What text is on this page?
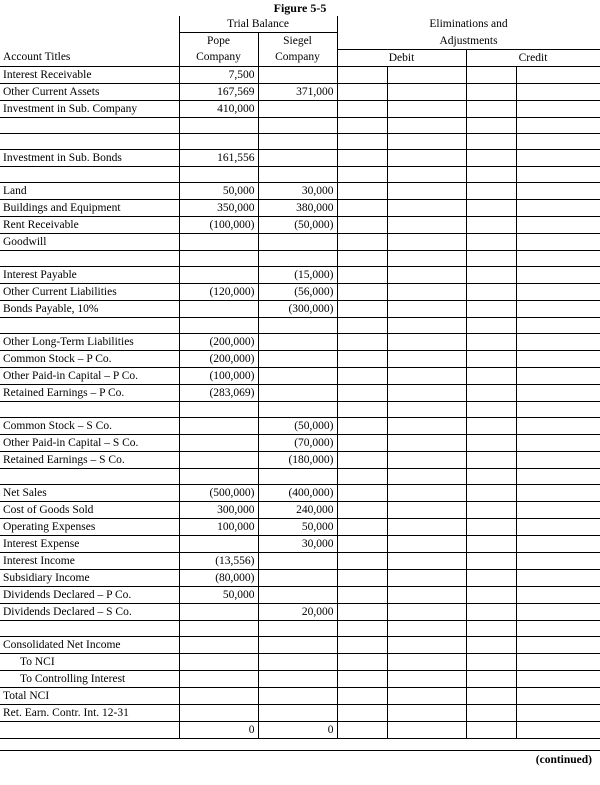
Figure 5-5
	Trial Balance		Eliminations and			
	Pope	Siegel	Adjustments			
Account Titles	Company	Company	Debit		Credit	
Interest Receivable	7,500					
Other Current Assets	167,569	371,000				
Investment in Sub. Company	410,000					

Investment in Sub. Bonds	161,556					

Land	50,000	30,000				
Buildings and Equipment	350,000	380,000				
Rent Receivable	(100,000)	(50,000)				
Goodwill						

Interest Payable		(15,000)				
Other Current Liabilities	(120,000)	(56,000)				
Bonds Payable, 10%		(300,000)				

Other Long-Term Liabilities	(200,000)					
Common Stock – P Co.	(200,000)					
Other Paid-in Capital – P Co.	(100,000)					
Retained Earnings – P Co.	(283,069)					

Common Stock – S Co.		(50,000)				
Other Paid-in Capital – S Co.		(70,000)				
Retained Earnings – S Co.		(180,000)				

Net Sales	(500,000)	(400,000)				
Cost of Goods Sold	300,000	240,000				
Operating Expenses	100,000	50,000				
Interest Expense		30,000				
Interest Income	(13,556)					
Subsidiary Income	(80,000)					
Dividends Declared – P Co.	50,000					
Dividends Declared – S Co.		20,000				

Consolidated Net Income						
To NCI						
To Controlling Interest						
Total NCI						
Ret. Earn. Contr. Int. 12-31						
	0	0				
(continued)
